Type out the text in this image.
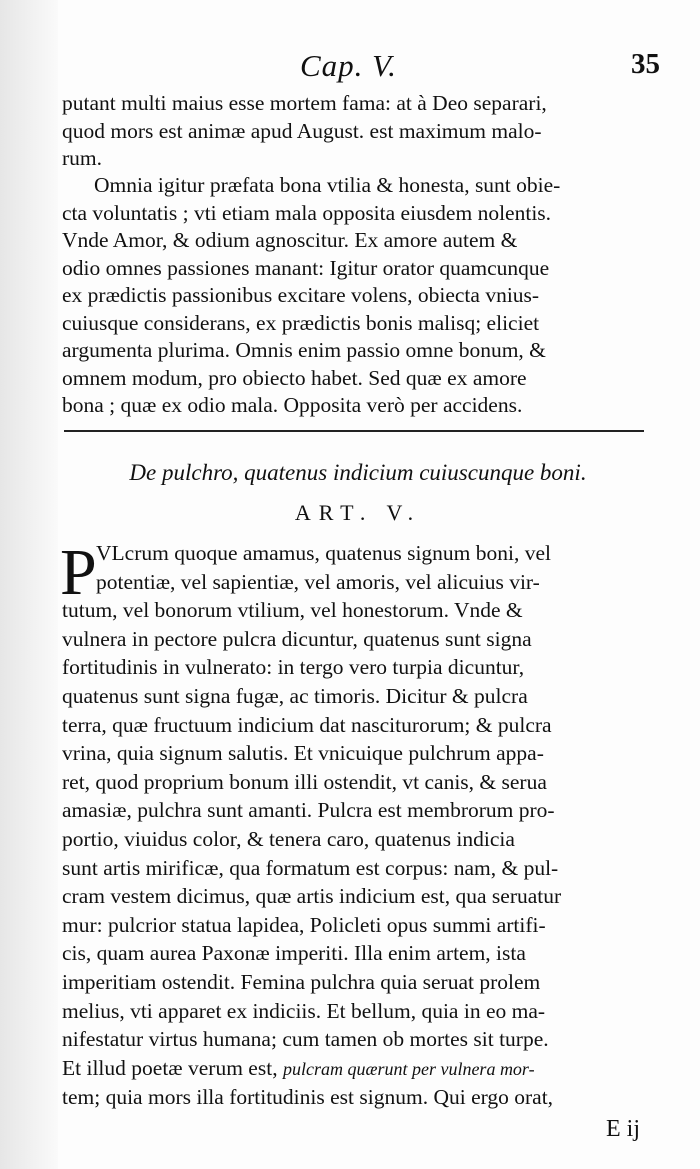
Cap. V.	35
putant multi maius esse mortem fama: at à Deo separari,
quod mors est animæ apud August. est maximum malo-
rum.
Omnia igitur præfata bona vtilia & honesta, sunt obie-
cta voluntatis ; vti etiam mala opposita eiusdem nolentis.
Vnde Amor, & odium agnoscitur. Ex amore autem &
odio omnes passiones manant: Igitur orator quamcunque
ex prædictis passionibus excitare volens, obiecta vnius-
cuiusque considerans, ex prædictis bonis malisq; eliciet
argumenta plurima. Omnis enim passio omne bonum, &
omnem modum, pro obiecto habet. Sed quæ ex amore
bona ; quæ ex odio mala. Opposita verò per accidens.
De pulchro, quatenus indicium cuiuscunque boni.
ART. V.
P VLcrum quoque amamus, quatenus signum boni, vel
potentiæ, vel sapientiæ, vel amoris, vel alicuius vir-
tutum, vel bonorum vtilium, vel honestorum. Vnde &
vulnera in pectore pulcra dicuntur, quatenus sunt signa
fortitudinis in vulnerato: in tergo vero turpia dicuntur,
quatenus sunt signa fugæ, ac timoris. Dicitur & pulcra
terra, quæ fructuum indicium dat nasciturorum; & pulcra
vrina, quia signum salutis. Et vnicuique pulchrum appa-
ret, quod proprium bonum illi ostendit, vt canis, & serua
amasiæ, pulchra sunt amanti. Pulcra est membrorum pro-
portio, viuidus color, & tenera caro, quatenus indicia
sunt artis mirificæ, qua formatum est corpus: nam, & pul-
cram vestem dicimus, quæ artis indicium est, qua seruatur
mur: pulcrior statua lapidea, Policleti opus summi artifi-
cis, quam aurea Paxonæ imperiti. Illa enim artem, ista
imperitiam ostendit. Femina pulchra quia seruat prolem
melius, vti apparet ex indiciis. Et bellum, quia in eo ma-
nifestatur virtus humana; cum tamen ob mortes sit turpe.
Et illud poetæ verum est, pulcram quærunt per vulnera mor-
tem; quia mors illa fortitudinis est signum. Qui ergo orat,
E ij
